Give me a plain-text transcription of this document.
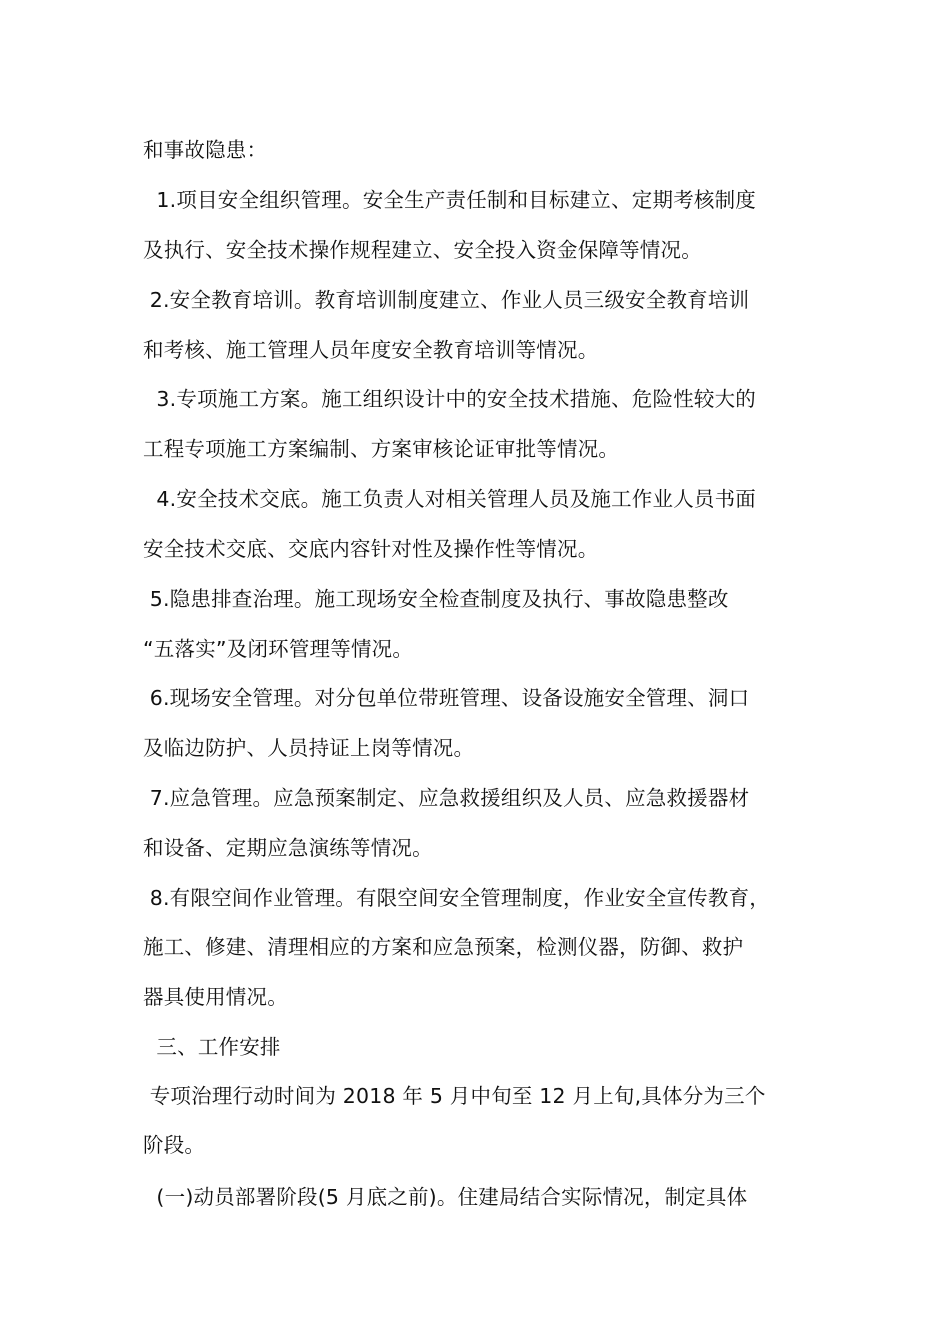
和事故隐患：
1.项目安全组织管理。安全生产责任制和目标建立、定期考核制度
及执行、安全技术操作规程建立、安全投入资金保障等情况。
2.安全教育培训。教育培训制度建立、作业人员三级安全教育培训
和考核、施工管理人员年度安全教育培训等情况。
3.专项施工方案。施工组织设计中的安全技术措施、危险性较大的
工程专项施工方案编制、方案审核论证审批等情况。
4.安全技术交底。施工负责人对相关管理人员及施工作业人员书面
安全技术交底、交底内容针对性及操作性等情况。
5.隐患排查治理。施工现场安全检查制度及执行、事故隐患整改
“五落实”及闭环管理等情况。
6.现场安全管理。对分包单位带班管理、设备设施安全管理、洞口
及临边防护、人员持证上岗等情况。
7.应急管理。应急预案制定、应急救援组织及人员、应急救援器材
和设备、定期应急演练等情况。
8.有限空间作业管理。有限空间安全管理制度，作业安全宣传教育，
施工、修建、清理相应的方案和应急预案，检测仪器，防御、救护
器具使用情况。
三、工作安排
专项治理行动时间为 2018 年 5 月中旬至 12 月上旬,具体分为三个
阶段。
(一)动员部署阶段(5 月底之前)。住建局结合实际情况，制定具体
